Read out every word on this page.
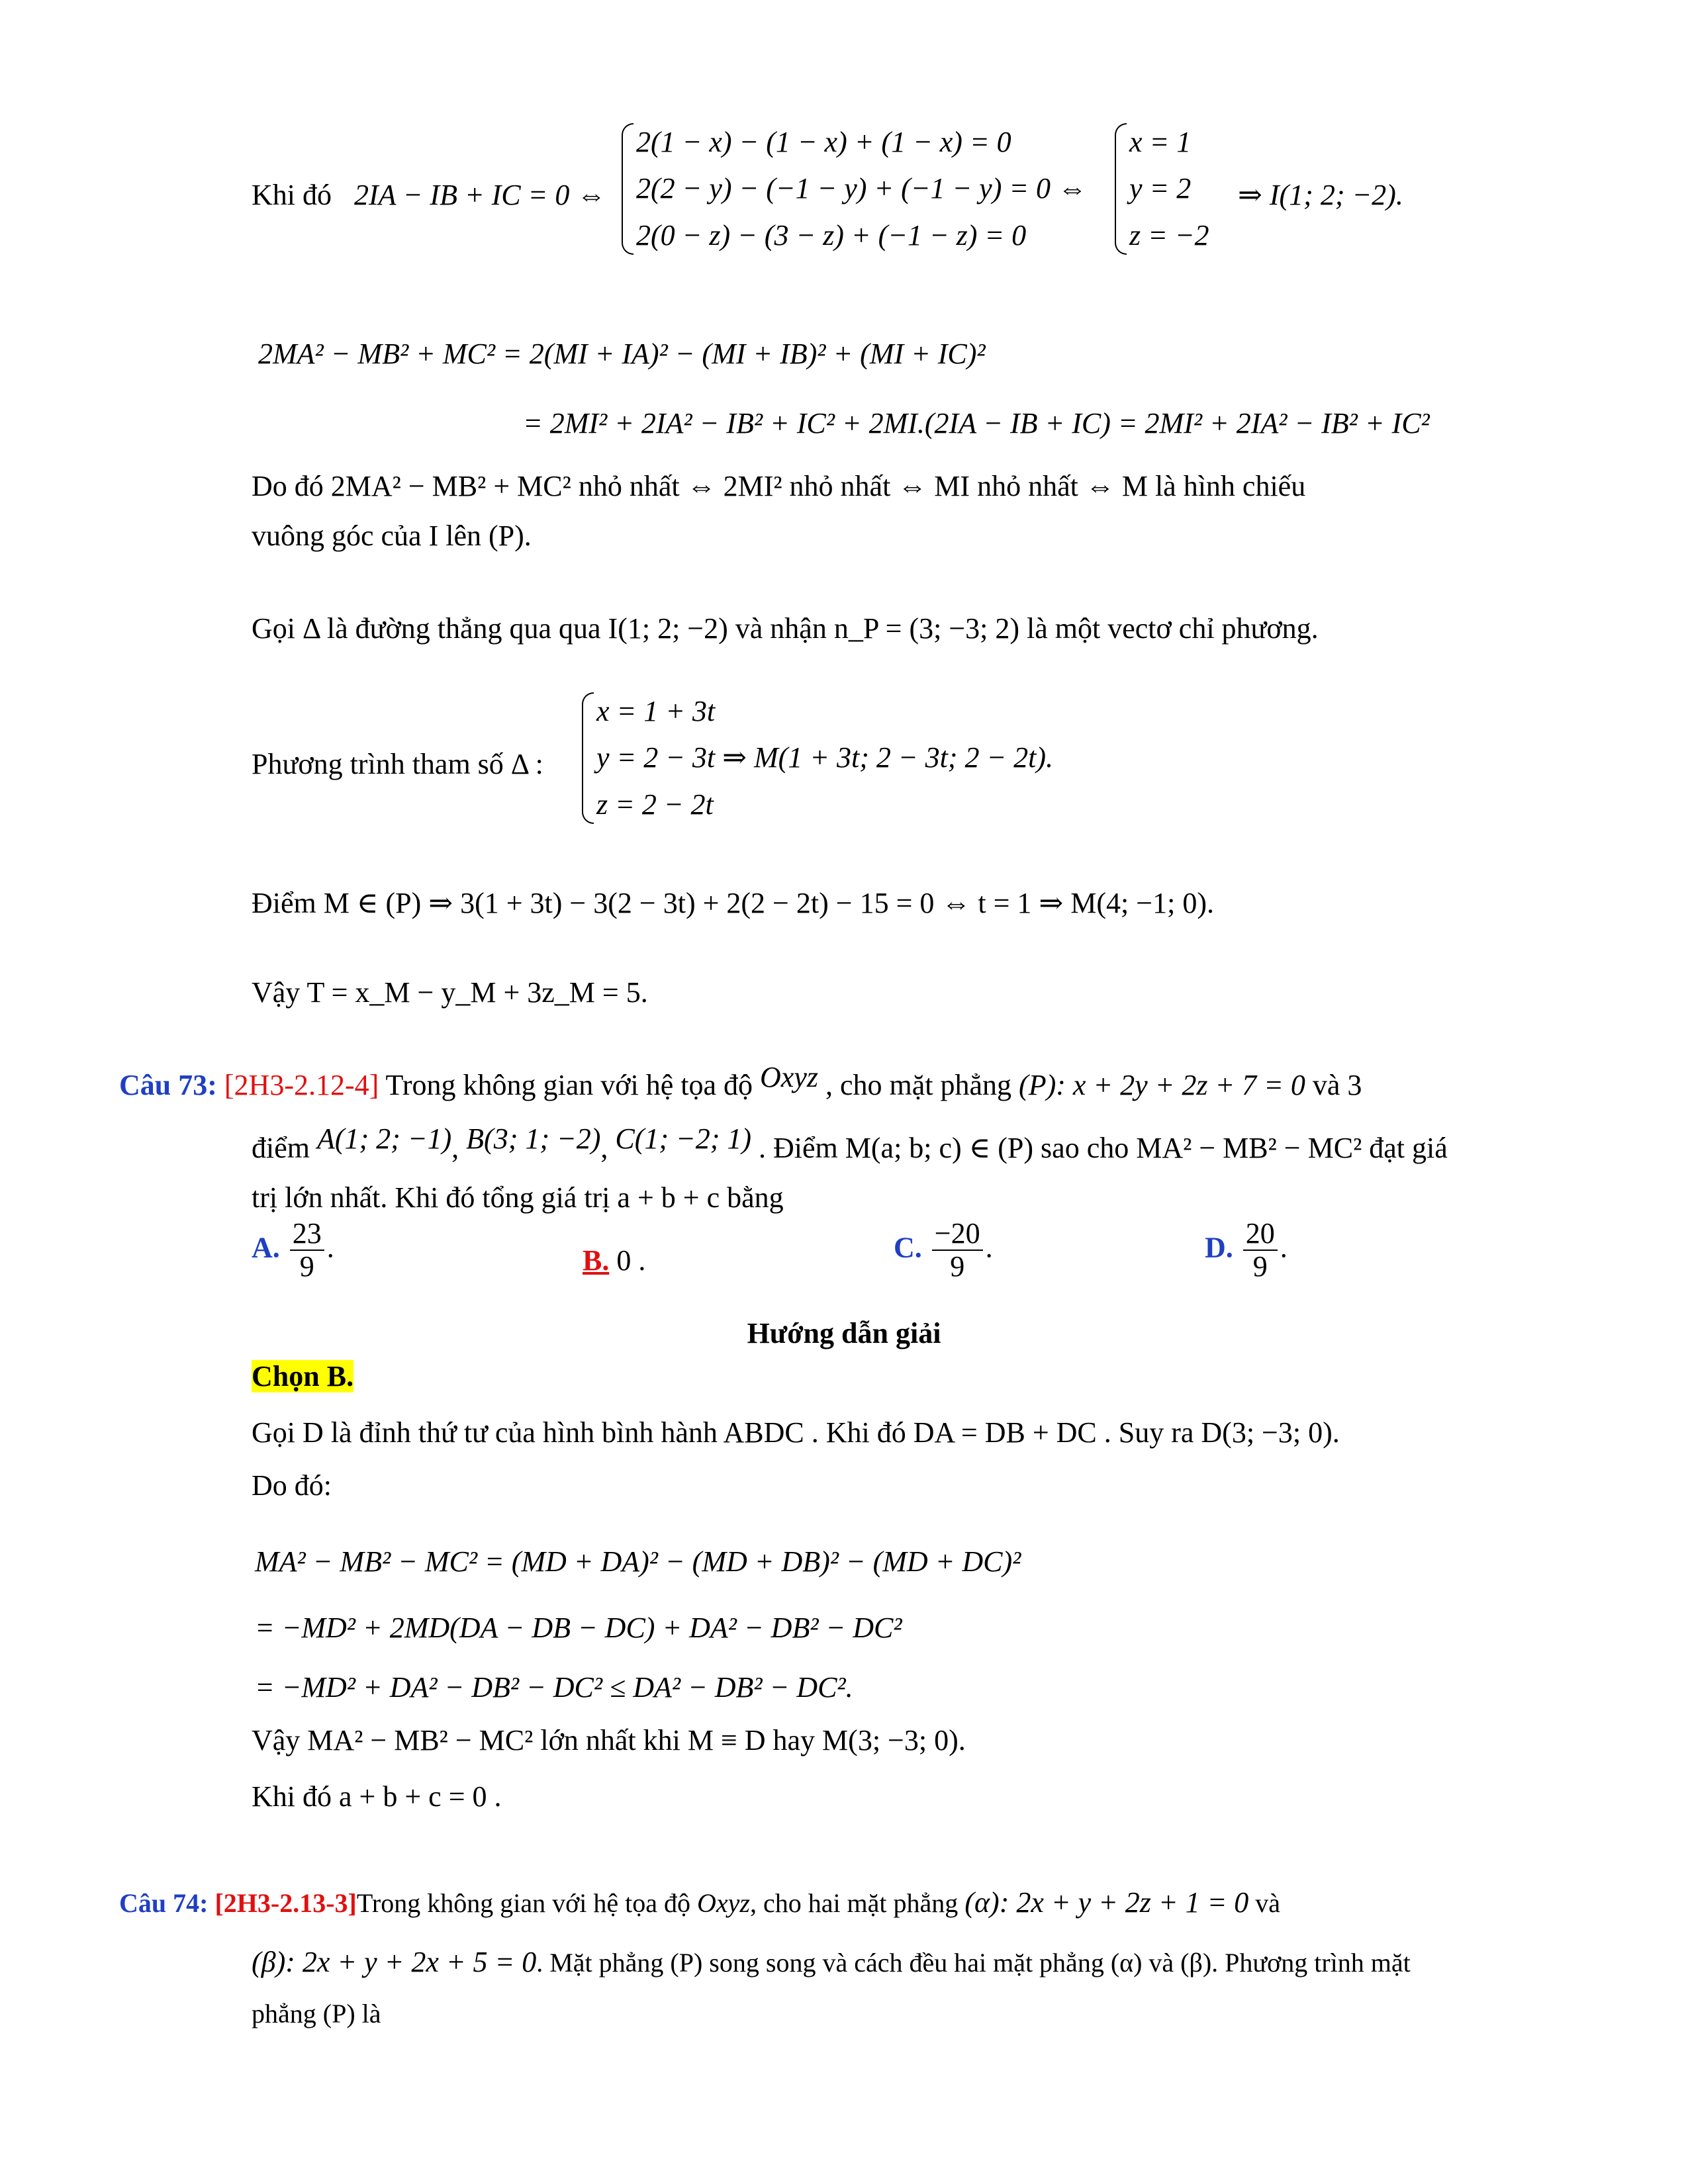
Khi đó 2IA − IB + IC = 0 ⇔
2(1 − x) − (1 − x) + (1 − x) = 0
2(2 − y) − (−1 − y) + (−1 − y) = 0 ⇔
2(0 − z) − (3 − z) + (−1 − z) = 0
x = 1
y = 2
z = −2
⇒ I(1; 2; −2).
2MA² − MB² + MC² = 2(MI + IA)² − (MI + IB)² + (MI + IC)²
= 2MI² + 2IA² − IB² + IC² + 2MI.(2IA − IB + IC) = 2MI² + 2IA² − IB² + IC²
Do đó 2MA² − MB² + MC² nhỏ nhất ⇔ 2MI² nhỏ nhất ⇔ MI nhỏ nhất ⇔ M là hình chiếu
vuông góc của I lên (P).
Gọi Δ là đường thẳng qua qua I(1; 2; −2) và nhận n_P = (3; −3; 2) là một vectơ chỉ phương.
Phương trình tham số Δ :
x = 1 + 3t
y = 2 − 3t ⇒ M(1 + 3t; 2 − 3t; 2 − 2t).
z = 2 − 2t
Điểm M ∈ (P) ⇒ 3(1 + 3t) − 3(2 − 3t) + 2(2 − 2t) − 15 = 0 ⇔ t = 1 ⇒ M(4; −1; 0).
Vậy T = x_M − y_M + 3z_M = 5.
Câu 73: [2H3-2.12-4] Trong không gian với hệ tọa độ Oxyz , cho mặt phẳng (P): x + 2y + 2z + 7 = 0 và 3
điểm A(1; 2; −1), B(3; 1; −2), C(1; −2; 1) . Điểm M(a; b; c) ∈ (P) sao cho MA² − MB² − MC² đạt giá
trị lớn nhất. Khi đó tổng giá trị a + b + c bằng
A. $\frac{23}{9}$ .	B. 0 .	C. $\frac{-20}{9}$ .	D. $\frac{20}{9}$ .
Hướng dẫn giải
Chọn B.
Gọi D là đỉnh thứ tư của hình bình hành ABDC . Khi đó DA = DB + DC . Suy ra D(3; −3; 0).
Do đó:
MA² − MB² − MC² = (MD + DA)² − (MD + DB)² − (MD + DC)²
= −MD² + 2MD(DA − DB − DC) + DA² − DB² − DC²
= −MD² + DA² − DB² − DC² ≤ DA² − DB² − DC².
Vậy MA² − MB² − MC² lớn nhất khi M ≡ D hay M(3; −3; 0).
Khi đó a + b + c = 0 .
Câu 74: [2H3-2.13-3]Trong không gian với hệ tọa độ Oxyz, cho hai mặt phẳng (α): 2x + y + 2z + 1 = 0 và
(β): 2x + y + 2x + 5 = 0. Mặt phẳng (P) song song và cách đều hai mặt phẳng (α) và (β). Phương trình mặt
phẳng (P) là
